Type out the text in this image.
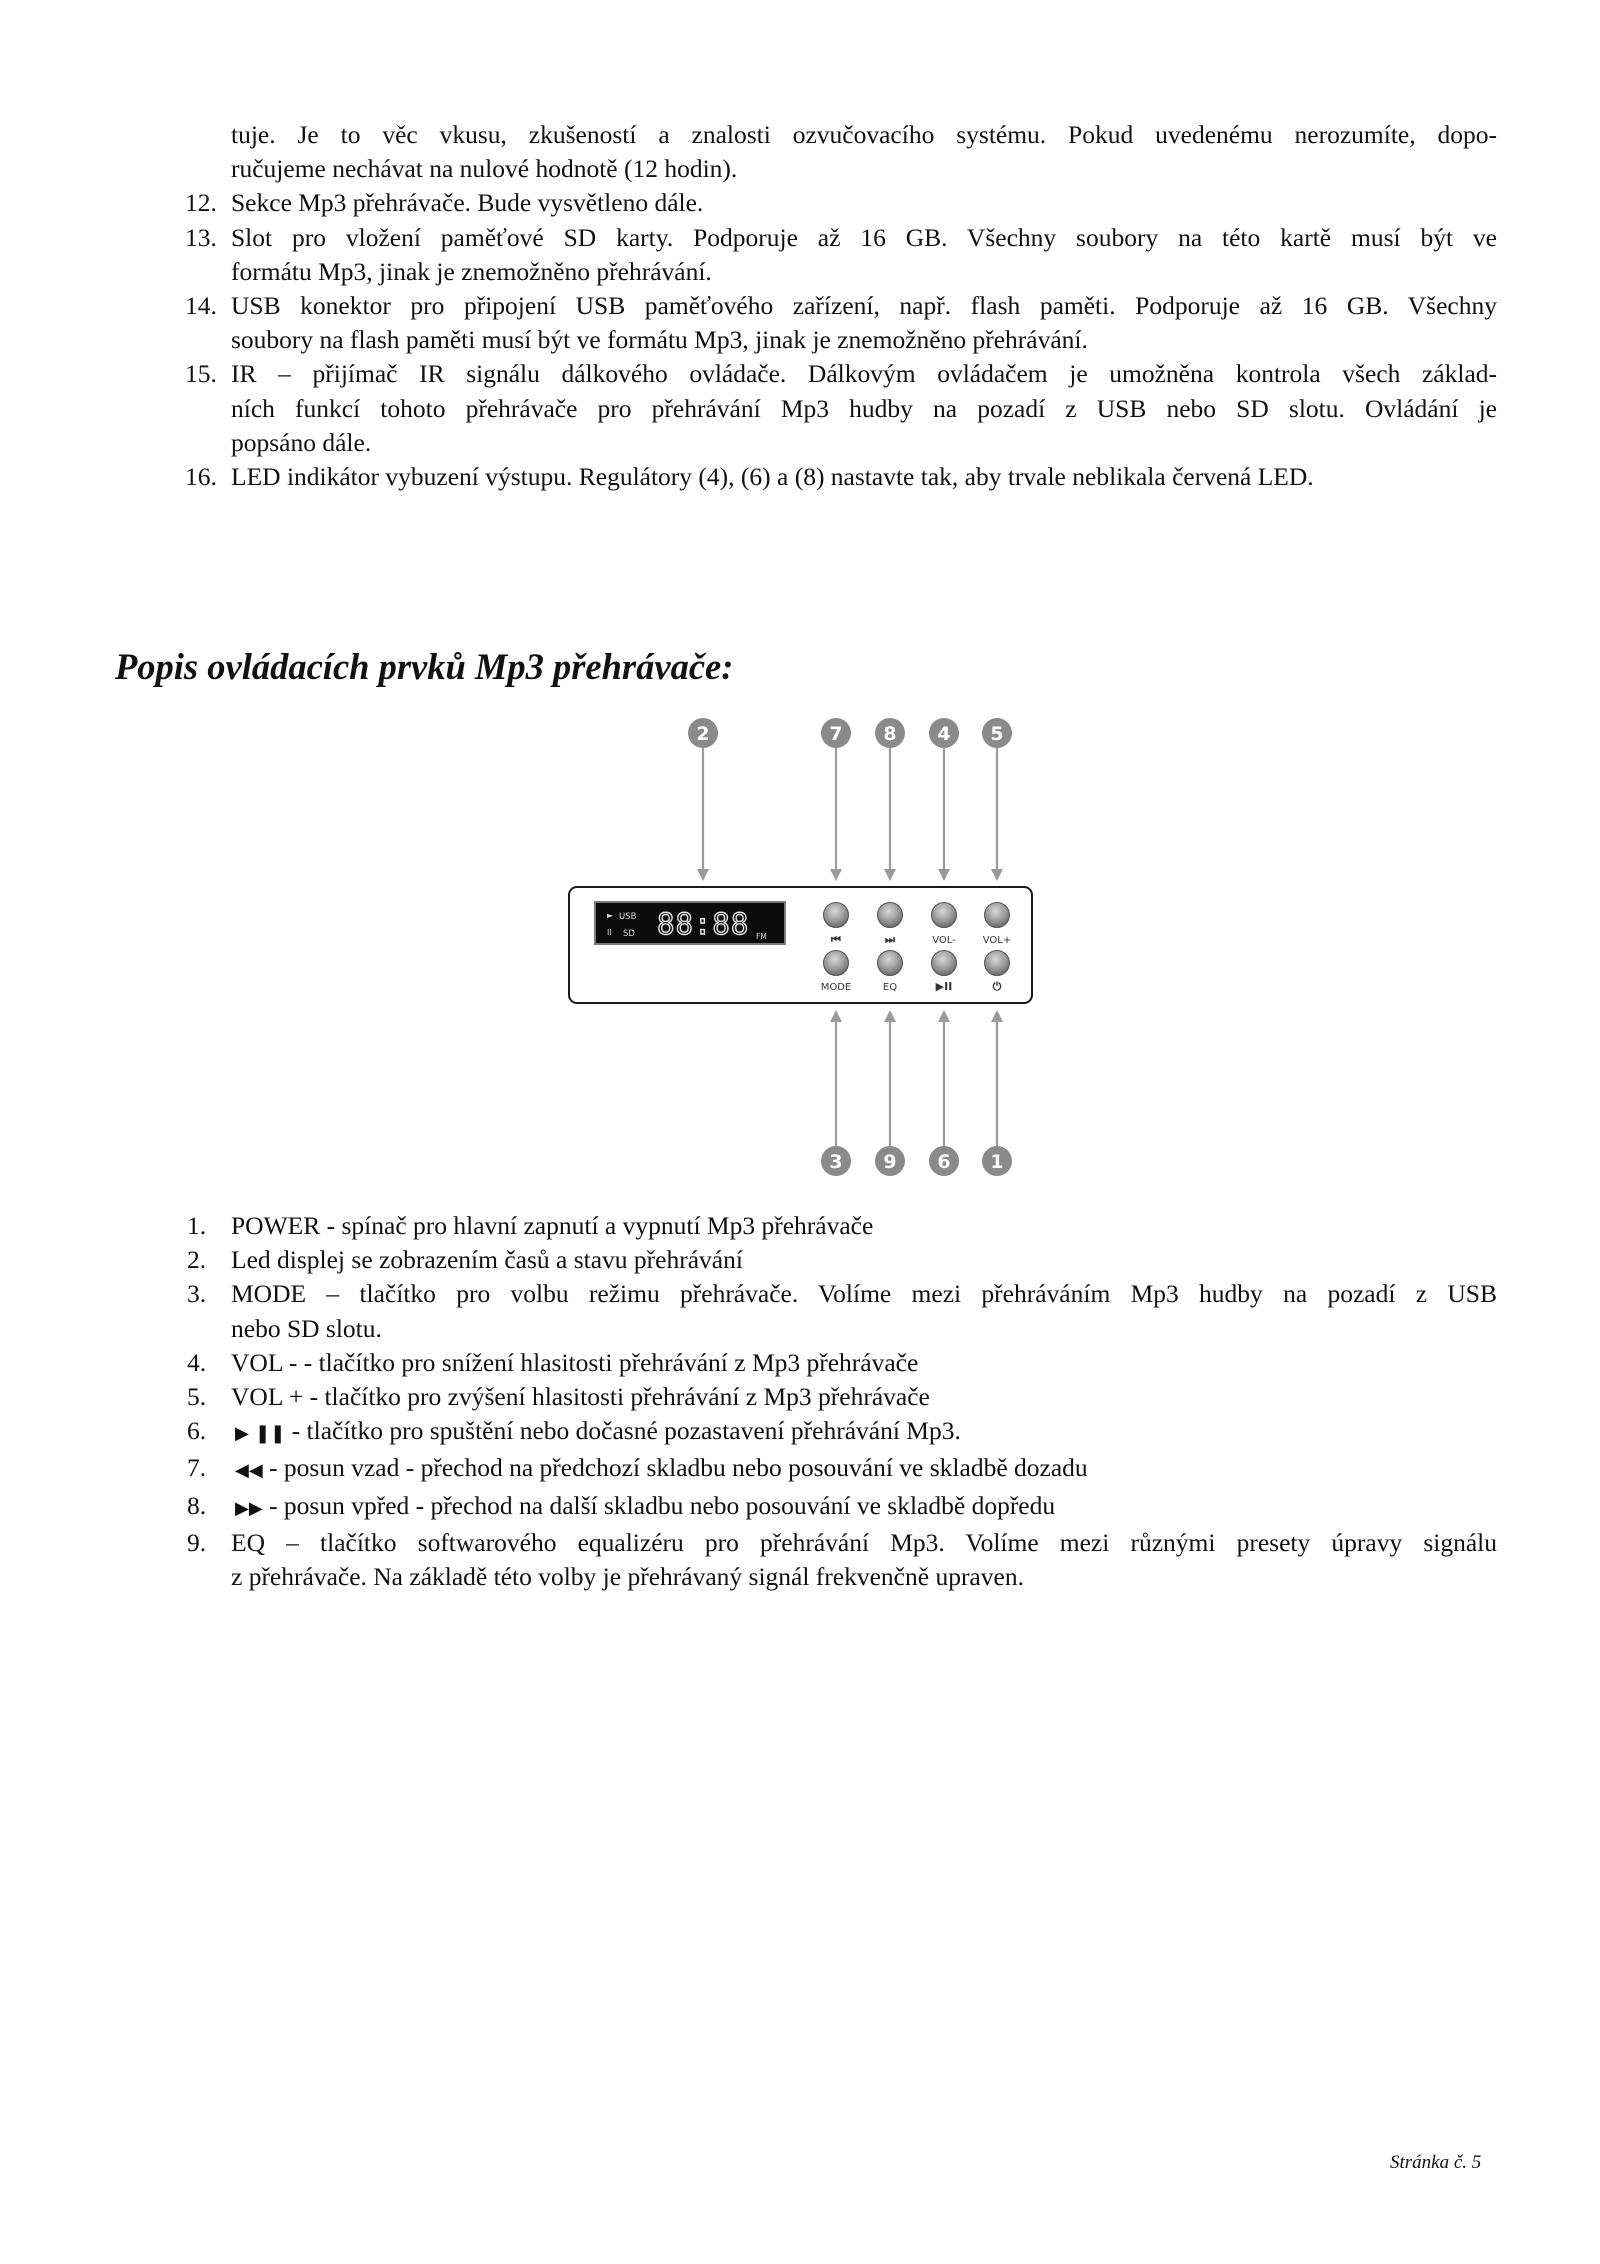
tuje. Je to věc vkusu, zkušeností a znalosti ozvučovacího systému. Pokud uvedenému nerozumíte, dopo-
ručujeme nechávat na nulové hodnotě (12 hodin).
12. Sekce Mp3 přehrávače. Bude vysvětleno dále.
13. Slot pro vložení paměťové SD karty. Podporuje až 16 GB. Všechny soubory na této kartě musí být ve
formátu Mp3, jinak je znemožněno přehrávání.
14. USB konektor pro připojení USB paměťového zařízení, např. flash paměti. Podporuje až 16 GB. Všechny
soubory na flash paměti musí být ve formátu Mp3, jinak je znemožněno přehrávání.
15. IR – přijímač IR signálu dálkového ovládače. Dálkovým ovládačem je umožněna kontrola všech základ-
ních funkcí tohoto přehrávače pro přehrávání Mp3 hudby na pozadí z USB nebo SD slotu. Ovládání je
popsáno dále.
16. LED indikátor vybuzení výstupu. Regulátory (4), (6) a (8) nastavte tak, aby trvale neblikala červená LED.
Popis ovládacích prvků Mp3 přehrávače:
2	7 8 4 5
3 9 6 1
► USB
II SD 88:88 FM	⏮	⏭	VOL-	VOL+
MODE	EQ	▶II	⏻
1. POWER - spínač pro hlavní zapnutí a vypnutí Mp3 přehrávače
2. Led displej se zobrazením časů a stavu přehrávání
3. MODE – tlačítko pro volbu režimu přehrávače. Volíme mezi přehráváním Mp3 hudby na pozadí z USB
nebo SD slotu.
4. VOL - - tlačítko pro snížení hlasitosti přehrávání z Mp3 přehrávače
5. VOL + - tlačítko pro zvýšení hlasitosti přehrávání z Mp3 přehrávače
6. ▶ ❚❚ - tlačítko pro spuštění nebo dočasné pozastavení přehrávání Mp3.
7. ◀◀ - posun vzad - přechod na předchozí skladbu nebo posouvání ve skladbě dozadu
8. ▶▶ - posun vpřed - přechod na další skladbu nebo posouvání ve skladbě dopředu
9. EQ – tlačítko softwarového equalizéru pro přehrávání Mp3. Volíme mezi různými presety úpravy signálu
z přehrávače. Na základě této volby je přehrávaný signál frekvenčně upraven.
Stránka č. 5
